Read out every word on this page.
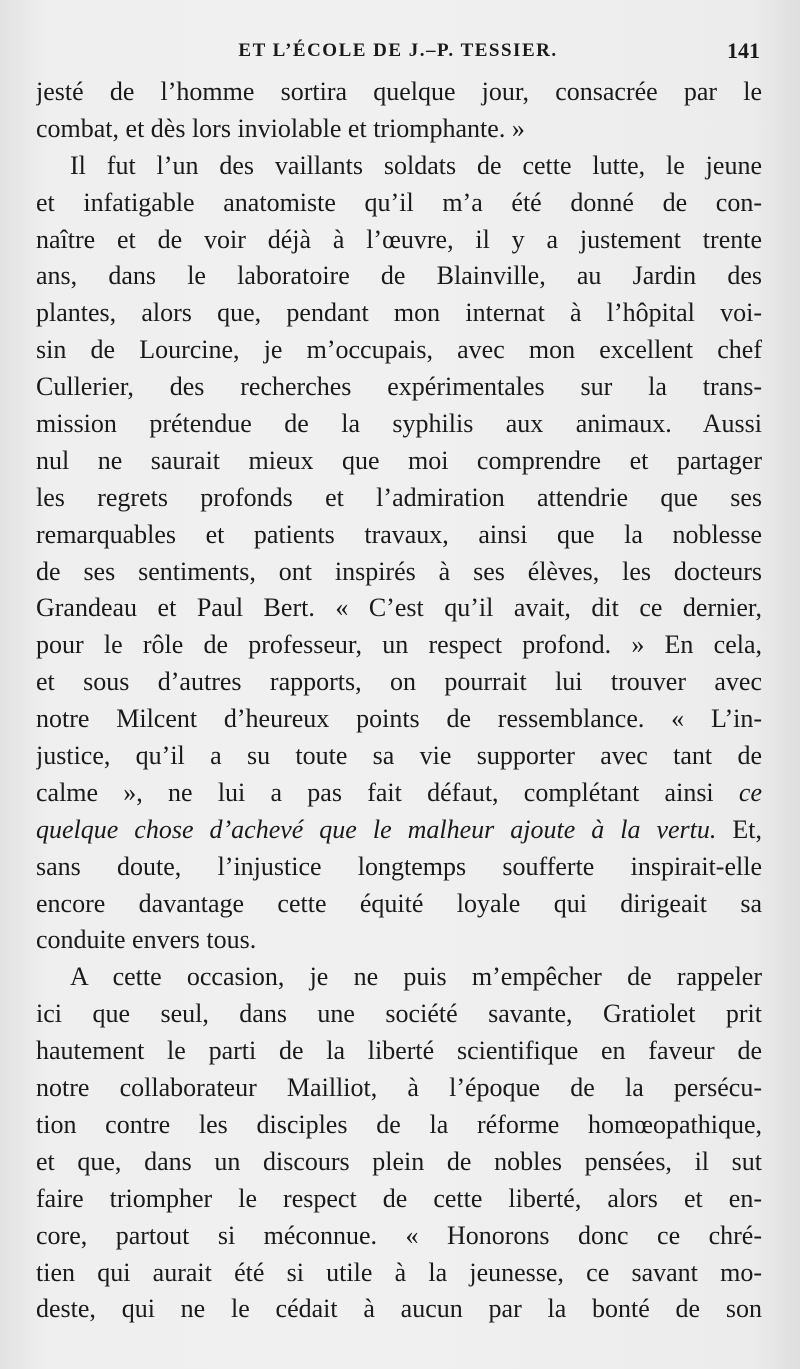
ET L’ÉCOLE DE J.–P. TESSIER.	141
jesté de l’homme sortira quelque jour, consacrée par le
combat, et dès lors inviolable et triomphante. »
Il fut l’un des vaillants soldats de cette lutte, le jeune
et infatigable anatomiste qu’il m’a été donné de con-
naître et de voir déjà à l’œuvre, il y a justement trente
ans, dans le laboratoire de Blainville, au Jardin des
plantes, alors que, pendant mon internat à l’hôpital voi-
sin de Lourcine, je m’occupais, avec mon excellent chef
Cullerier, des recherches expérimentales sur la trans-
mission prétendue de la syphilis aux animaux. Aussi
nul ne saurait mieux que moi comprendre et partager
les regrets profonds et l’admiration attendrie que ses
remarquables et patients travaux, ainsi que la noblesse
de ses sentiments, ont inspirés à ses élèves, les docteurs
Grandeau et Paul Bert. « C’est qu’il avait, dit ce dernier,
pour le rôle de professeur, un respect profond. » En cela,
et sous d’autres rapports, on pourrait lui trouver avec
notre Milcent d’heureux points de ressemblance. « L’in-
justice, qu’il a su toute sa vie supporter avec tant de
calme », ne lui a pas fait défaut, complétant ainsi ce
quelque chose d’achevé que le malheur ajoute à la vertu. Et,
sans doute, l’injustice longtemps soufferte inspirait-elle
encore davantage cette équité loyale qui dirigeait sa
conduite envers tous.
A cette occasion, je ne puis m’empêcher de rappeler
ici que seul, dans une société savante, Gratiolet prit
hautement le parti de la liberté scientifique en faveur de
notre collaborateur Mailliot, à l’époque de la persécu-
tion contre les disciples de la réforme homœopathique,
et que, dans un discours plein de nobles pensées, il sut
faire triompher le respect de cette liberté, alors et en-
core, partout si méconnue. « Honorons donc ce chré-
tien qui aurait été si utile à la jeunesse, ce savant mo-
deste, qui ne le cédait à aucun par la bonté de son
